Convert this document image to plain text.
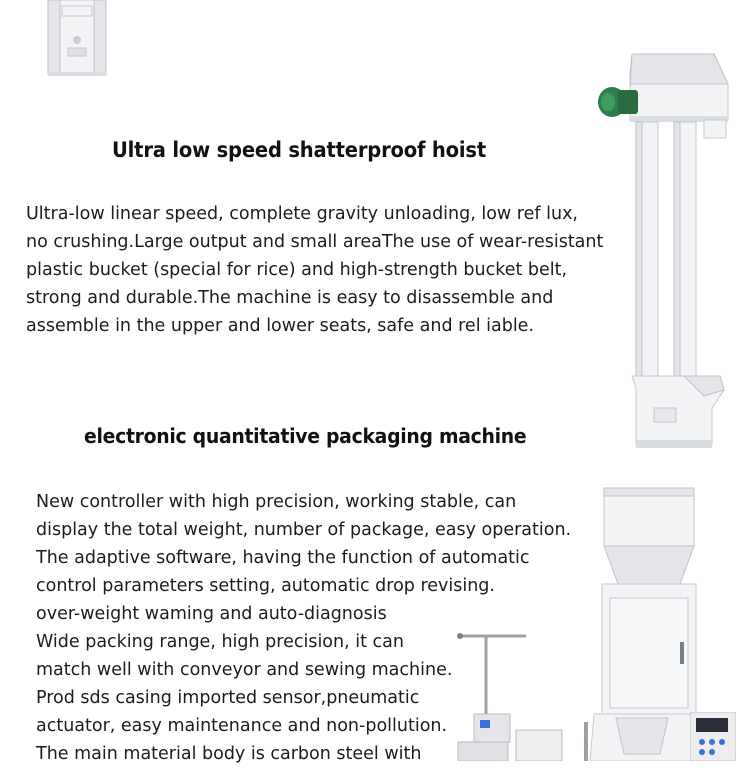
Ultra low speed shatterproof hoist
Ultra-low linear speed, complete gravity unloading, low ref lux,
no crushing.Large output and small areaThe use of wear-resistant
plastic bucket (special for rice) and high-strength bucket belt,
strong and durable.The machine is easy to disassemble and
assemble in the upper and lower seats, safe and rel iable.
electronic quantitative packaging machine
New controller with high precision, working stable, can
display the total weight, number of package, easy operation.
The adaptive software, having the function of automatic
control parameters setting, automatic drop revising.
over-weight waming and auto-diagnosis
Wide packing range, high precision, it can
match well with conveyor and sewing machine.
Prod sds casing imported sensor,pneumatic
actuator, easy maintenance and non-pollution.
The main material body is carbon steel with
